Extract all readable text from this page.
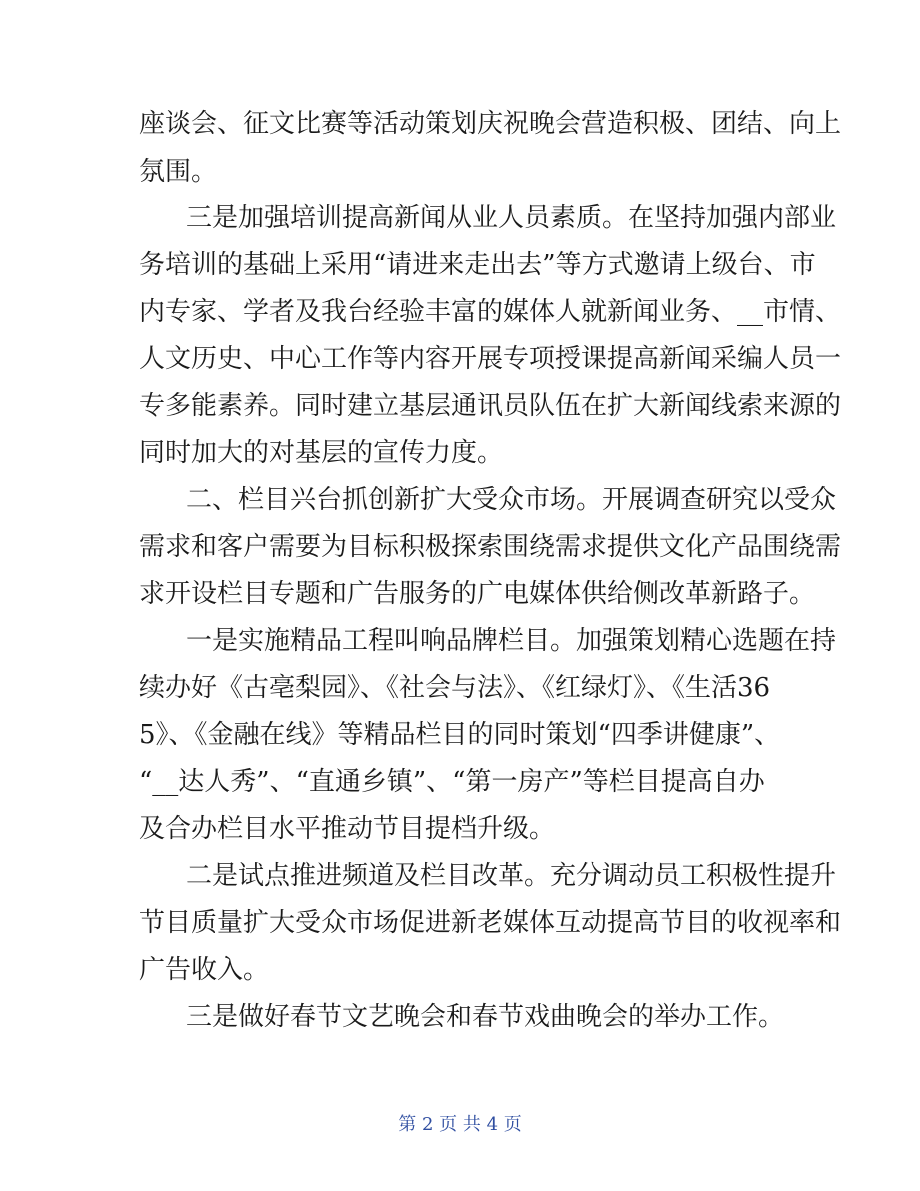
座谈会、征文比赛等活动策划庆祝晚会营造积极、团结、向上
氛围。
三是加强培训提高新闻从业人员素质。在坚持加强内部业
务培训的基础上采用“请进来走出去”等方式邀请上级台、市
内专家、学者及我台经验丰富的媒体人就新闻业务、__市情、
人文历史、中心工作等内容开展专项授课提高新闻采编人员一
专多能素养。同时建立基层通讯员队伍在扩大新闻线索来源的
同时加大的对基层的宣传力度。
二、栏目兴台抓创新扩大受众市场。开展调查研究以受众
需求和客户需要为目标积极探索围绕需求提供文化产品围绕需
求开设栏目专题和广告服务的广电媒体供给侧改革新路子。
一是实施精品工程叫响品牌栏目。加强策划精心选题在持
续办好《古亳梨园》、《社会与法》、《红绿灯》、《生活36
5》、《金融在线》等精品栏目的同时策划“四季讲健康”、
“__达人秀”、“直通乡镇”、“第一房产”等栏目提高自办
及合办栏目水平推动节目提档升级。
二是试点推进频道及栏目改革。充分调动员工积极性提升
节目质量扩大受众市场促进新老媒体互动提高节目的收视率和
广告收入。
三是做好春节文艺晚会和春节戏曲晚会的举办工作。
第 2 页 共 4 页
